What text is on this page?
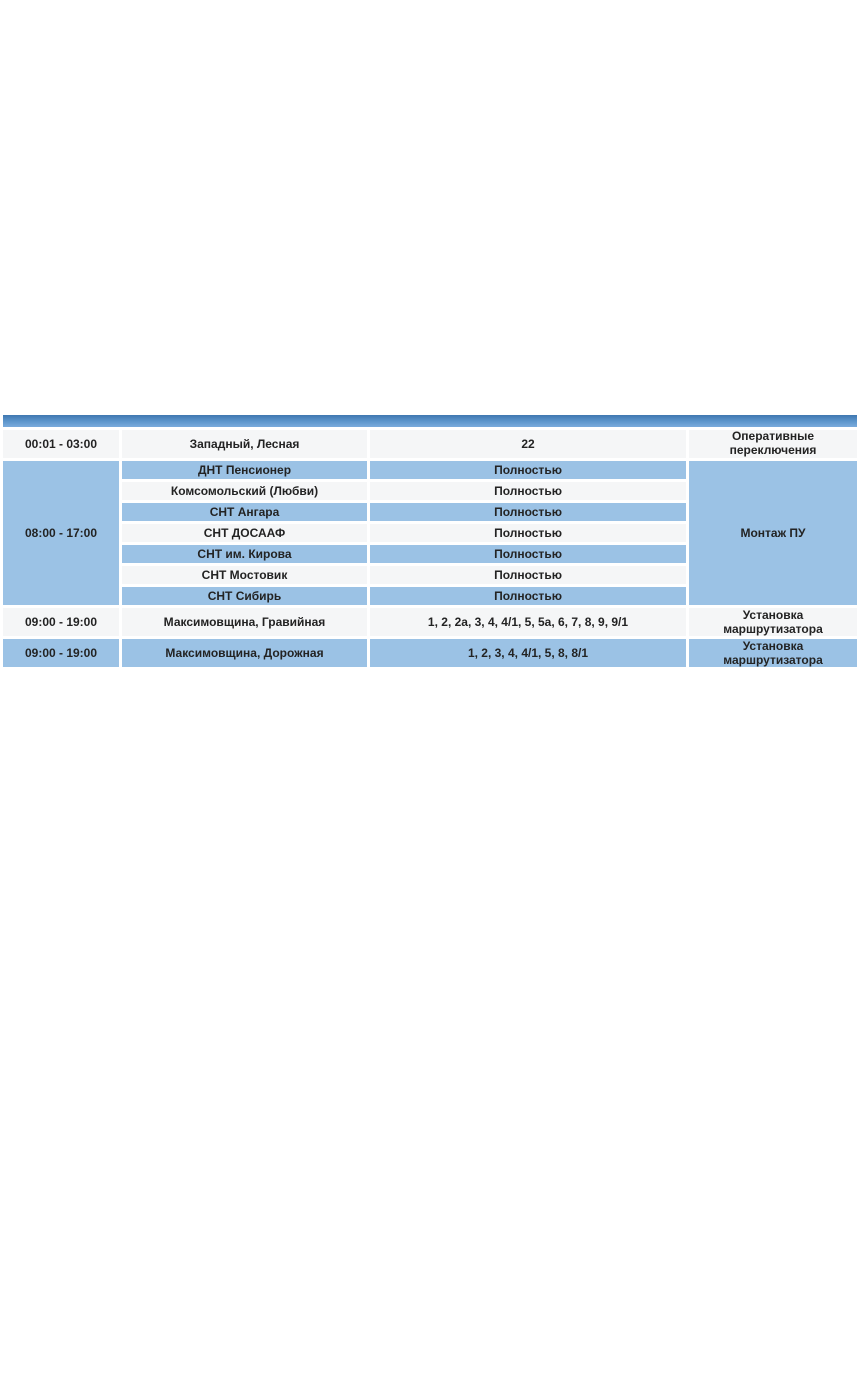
00:01 - 03:00	Западный, Лесная	22	Оперативные переключения
08:00 - 17:00	ДНТ Пенсионер	Полностью	Монтаж ПУ
	Комсомольский (Любви)	Полностью	
	СНТ Ангара	Полностью	
	СНТ ДОСААФ	Полностью	
	СНТ им. Кирова	Полностью	
	СНТ Мостовик	Полностью	
	СНТ Сибирь	Полностью	
09:00 - 19:00	Максимовщина, Гравийная	1, 2, 2а, 3, 4, 4/1, 5, 5а, 6, 7, 8, 9, 9/1	Установка маршрутизатора
09:00 - 19:00	Максимовщина, Дорожная	1, 2, 3, 4, 4/1, 5, 8, 8/1	Установка маршрутизатора
